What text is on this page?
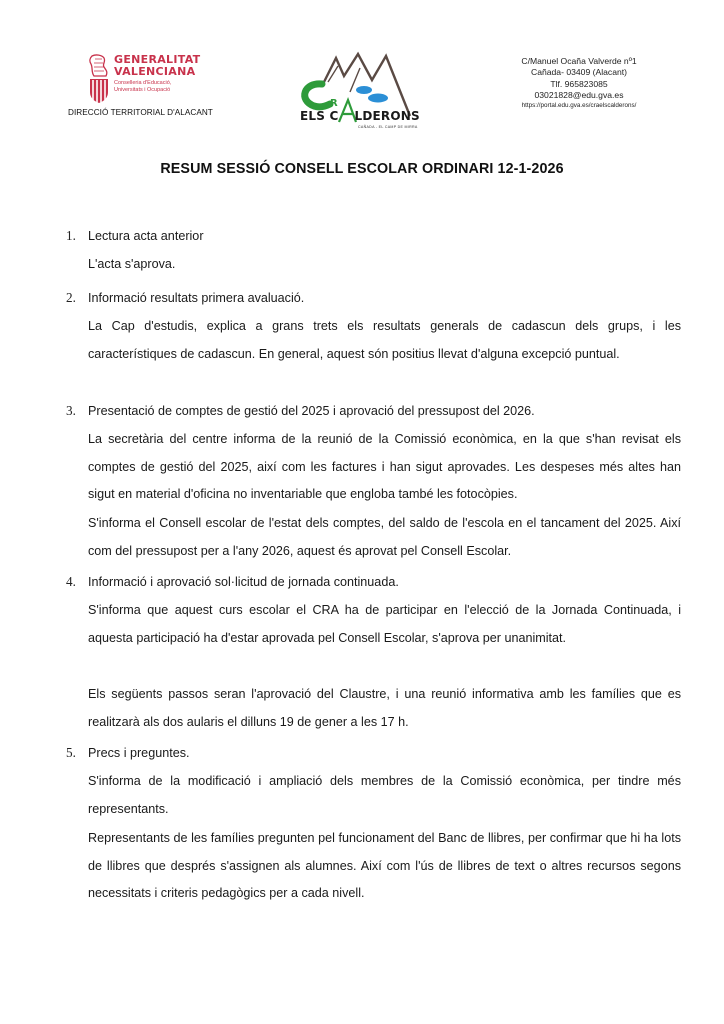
GENERALITAT
VALENCIANA
Conselleria d'Educació,
Universitats i Ocupació
DIRECCIÓ TERRITORIAL D'ALACANT
R
ELS C LDERONS
CAÑADA - EL CAMP DE MIRRA
C/Manuel Ocaña Valverde nº1
Cañada- 03409 (Alacant)
Tlf. 965823085
03021828@edu.gva.es
https://portal.edu.gva.es/craelscalderons/
RESUM SESSIÓ CONSELL ESCOLAR ORDINARI 12-1-2026
1. Lectura acta anterior
L'acta s'aprova.
2. Informació resultats primera avaluació.
La Cap d'estudis, explica a grans trets els resultats generals de cadascun dels grups, i les característiques de cadascun. En general, aquest són positius llevat d'alguna excepció puntual.
3. Presentació de comptes de gestió del 2025 i aprovació del pressupost del 2026.
La secretària del centre informa de la reunió de la Comissió econòmica, en la que s'han revisat els comptes de gestió del 2025, així com les factures i han sigut aprovades. Les despeses més altes han sigut en material d'oficina no inventariable que engloba també les fotocòpies.
S'informa el Consell escolar de l'estat dels comptes, del saldo de l'escola en el tancament del 2025. Així com del pressupost per a l'any 2026, aquest és aprovat pel Consell Escolar.
4. Informació i aprovació sol·licitud de jornada continuada.
S'informa que aquest curs escolar el CRA ha de participar en l'elecció de la Jornada Continuada, i aquesta participació ha d'estar aprovada pel Consell Escolar, s'aprova per unanimitat.
Els següents passos seran l'aprovació del Claustre, i una reunió informativa amb les famílies que es realitzarà als dos aularis el dilluns 19 de gener a les 17 h.
5. Precs i preguntes.
S'informa de la modificació i ampliació dels membres de la Comissió econòmica, per tindre més representants.
Representants de les famílies pregunten pel funcionament del Banc de llibres, per confirmar que hi ha lots de llibres que després s'assignen als alumnes. Així com l'ús de llibres de text o altres recursos segons necessitats i criteris pedagògics per a cada nivell.
